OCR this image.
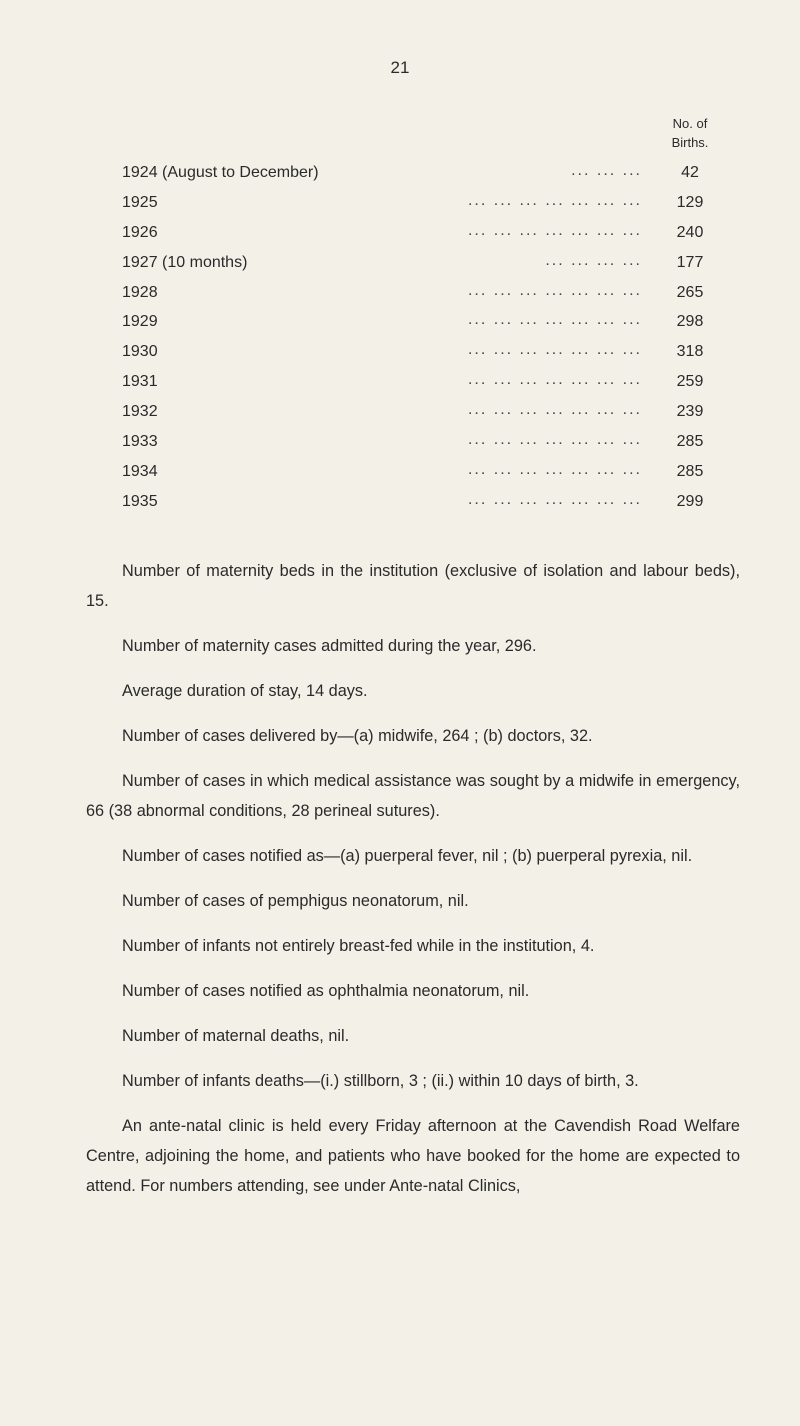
21
No. of
Births.
1924 (August to December)	... ... ...	42
1925	... ... ... ... ... ... ...	129
1926	... ... ... ... ... ... ...	240
1927 (10 months)	... ... ... ...	177
1928	... ... ... ... ... ... ...	265
1929	... ... ... ... ... ... ...	298
1930	... ... ... ... ... ... ...	318
1931	... ... ... ... ... ... ...	259
1932	... ... ... ... ... ... ...	239
1933	... ... ... ... ... ... ...	285
1934	... ... ... ... ... ... ...	285
1935	... ... ... ... ... ... ...	299

Number of maternity beds in the institution (exclusive of isolation and labour beds), 15.

Number of maternity cases admitted during the year, 296.

Average duration of stay, 14 days.

Number of cases delivered by—(a) midwife, 264 ; (b) doctors, 32.

Number of cases in which medical assistance was sought by a midwife in emergency, 66 (38 abnormal conditions, 28 perineal sutures).

Number of cases notified as—(a) puerperal fever, nil ; (b) puerperal pyrexia, nil.

Number of cases of pemphigus neonatorum, nil.

Number of infants not entirely breast-fed while in the institution, 4.

Number of cases notified as ophthalmia neonatorum, nil.

Number of maternal deaths, nil.

Number of infants deaths—(i.) stillborn, 3 ; (ii.) within 10 days of birth, 3.

An ante-natal clinic is held every Friday afternoon at the Cavendish Road Welfare Centre, adjoining the home, and patients who have booked for the home are expected to attend. For numbers attending, see under Ante-natal Clinics,
